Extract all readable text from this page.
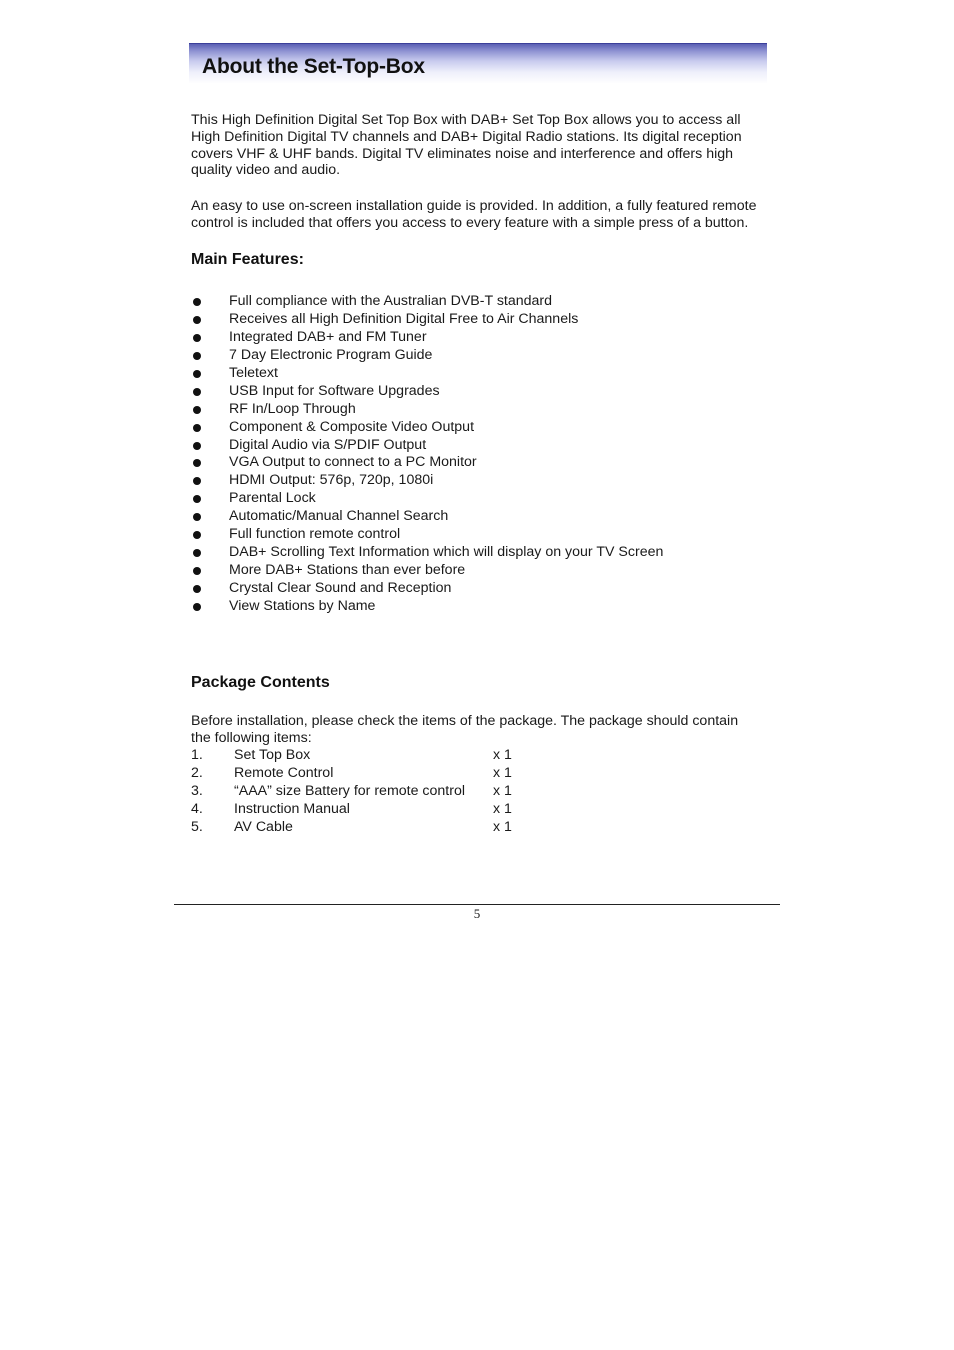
About the Set-Top-Box

This High Definition Digital Set Top Box with DAB+ Set Top Box allows you to access all High Definition Digital TV channels and DAB+ Digital Radio stations. Its digital reception covers VHF & UHF bands. Digital TV eliminates noise and interference and offers high quality video and audio.

An easy to use on-screen installation guide is provided. In addition, a fully featured remote control is included that offers you access to every feature with a simple press of a button.

Main Features:
Full compliance with the Australian DVB-T standard
Receives all High Definition Digital Free to Air Channels
Integrated DAB+ and FM Tuner
7 Day Electronic Program Guide
Teletext
USB Input for Software Upgrades
RF In/Loop Through
Component & Composite Video Output
Digital Audio via S/PDIF Output
VGA Output to connect to a PC Monitor
HDMI Output: 576p, 720p, 1080i
Parental Lock
Automatic/Manual Channel Search
Full function remote control
DAB+ Scrolling Text Information which will display on your TV Screen
More DAB+ Stations than ever before
Crystal Clear Sound and Reception
View Stations by Name
Package Contents

Before installation, please check the items of the package. The package should contain the following items:

1. Set Top Box	x 1
2. Remote Control	x 1
3. “AAA” size Battery for remote control x 1
4. Instruction Manual	x 1
5. AV Cable	x 1
5
